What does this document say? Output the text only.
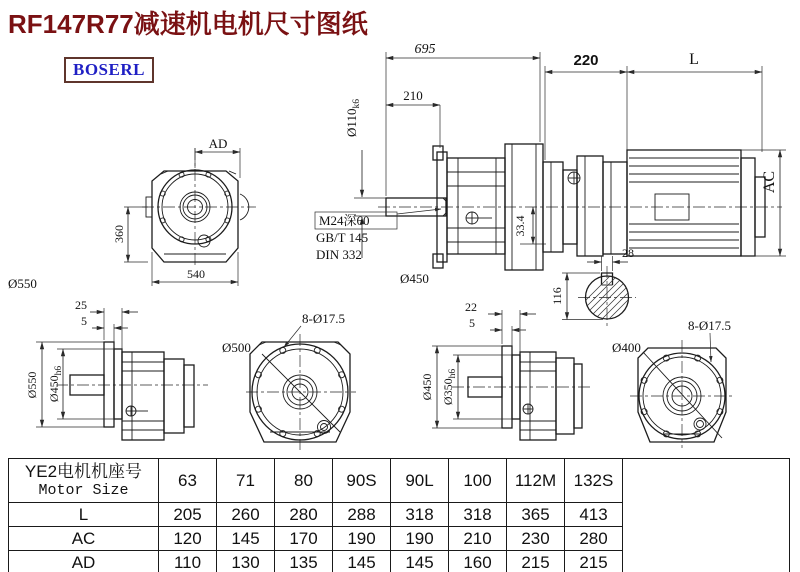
RF147R77减速机电机尺寸图纸
BOSERL
AD
360
540
Ø550
695
210
$Ø110_{k6}$
M24深60
GB/T 145
DIN 332
33.4
Ø450
220	L
AC
28
116
25
5
Ø550 $Ø450_{h6}$
8-Ø17.5
Ø500
22
5
Ø450 $Ø350_{h6}$
8-Ø17.5
Ø400
YE2电机机座号
Motor Size	63	71	80	90S	90L	100	112M	132S	
L	205	260	280	288	318	318	365	413	
AC	120	145	170	190	190	210	230	280	
AD	110	130	135	145	145	160	215	215	
